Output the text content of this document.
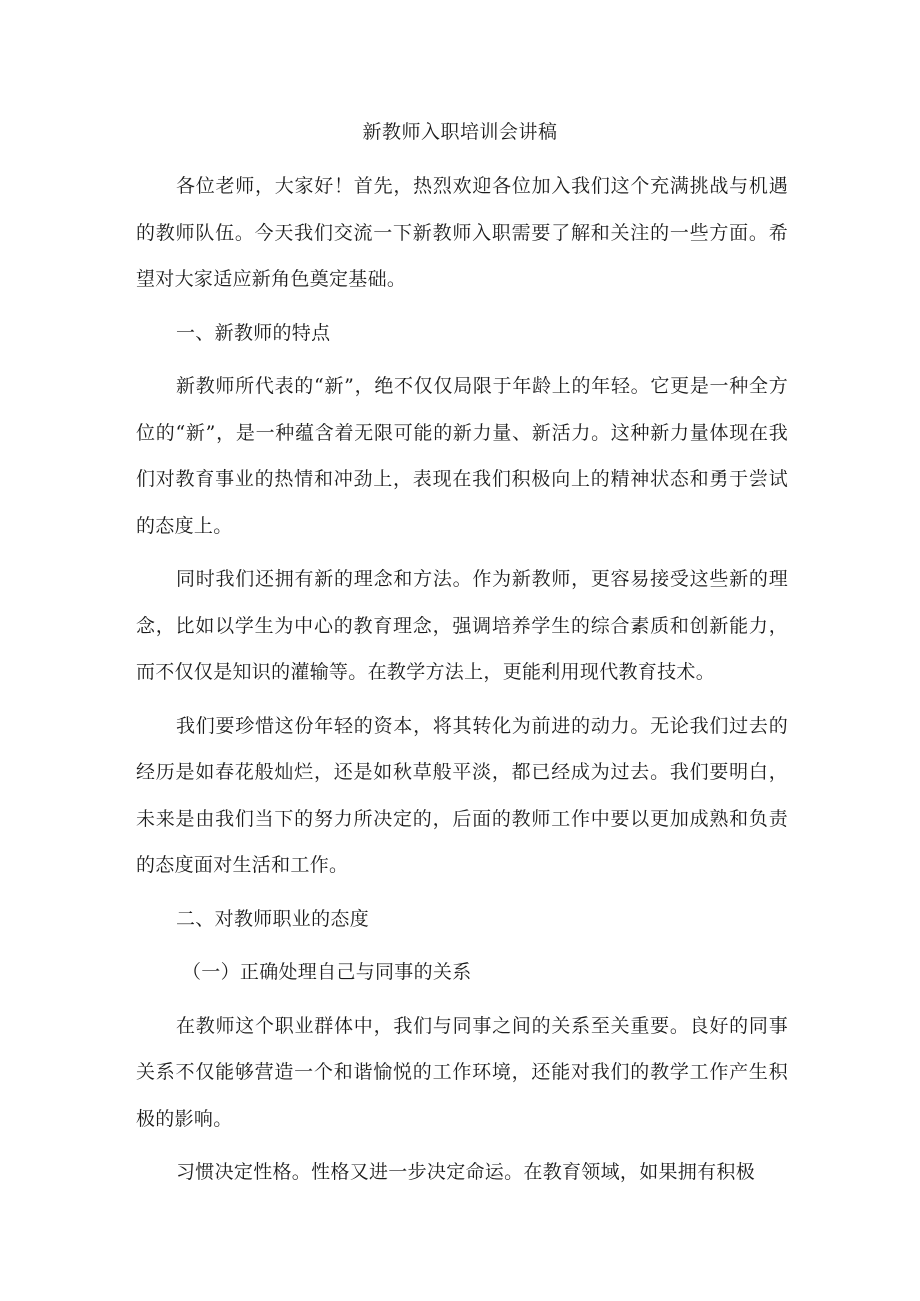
新教师入职培训会讲稿

各位老师，大家好！首先，热烈欢迎各位加入我们这个充满挑战与机遇的教师队伍。今天我们交流一下新教师入职需要了解和关注的一些方面。希望对大家适应新角色奠定基础。

一、新教师的特点

新教师所代表的“新”，绝不仅仅局限于年龄上的年轻。它更是一种全方位的“新”，是一种蕴含着无限可能的新力量、新活力。这种新力量体现在我们对教育事业的热情和冲劲上，表现在我们积极向上的精神状态和勇于尝试的态度上。

同时我们还拥有新的理念和方法。作为新教师，更容易接受这些新的理念，比如以学生为中心的教育理念，强调培养学生的综合素质和创新能力，而不仅仅是知识的灌输等。在教学方法上，更能利用现代教育技术。

我们要珍惜这份年轻的资本，将其转化为前进的动力。无论我们过去的经历是如春花般灿烂，还是如秋草般平淡，都已经成为过去。我们要明白，未来是由我们当下的努力所决定的，后面的教师工作中要以更加成熟和负责的态度面对生活和工作。

二、对教师职业的态度

（一）正确处理自己与同事的关系

在教师这个职业群体中，我们与同事之间的关系至关重要。良好的同事关系不仅能够营造一个和谐愉悦的工作环境，还能对我们的教学工作产生积极的影响。

习惯决定性格。性格又进一步决定命运。在教育领域，如果拥有积极
